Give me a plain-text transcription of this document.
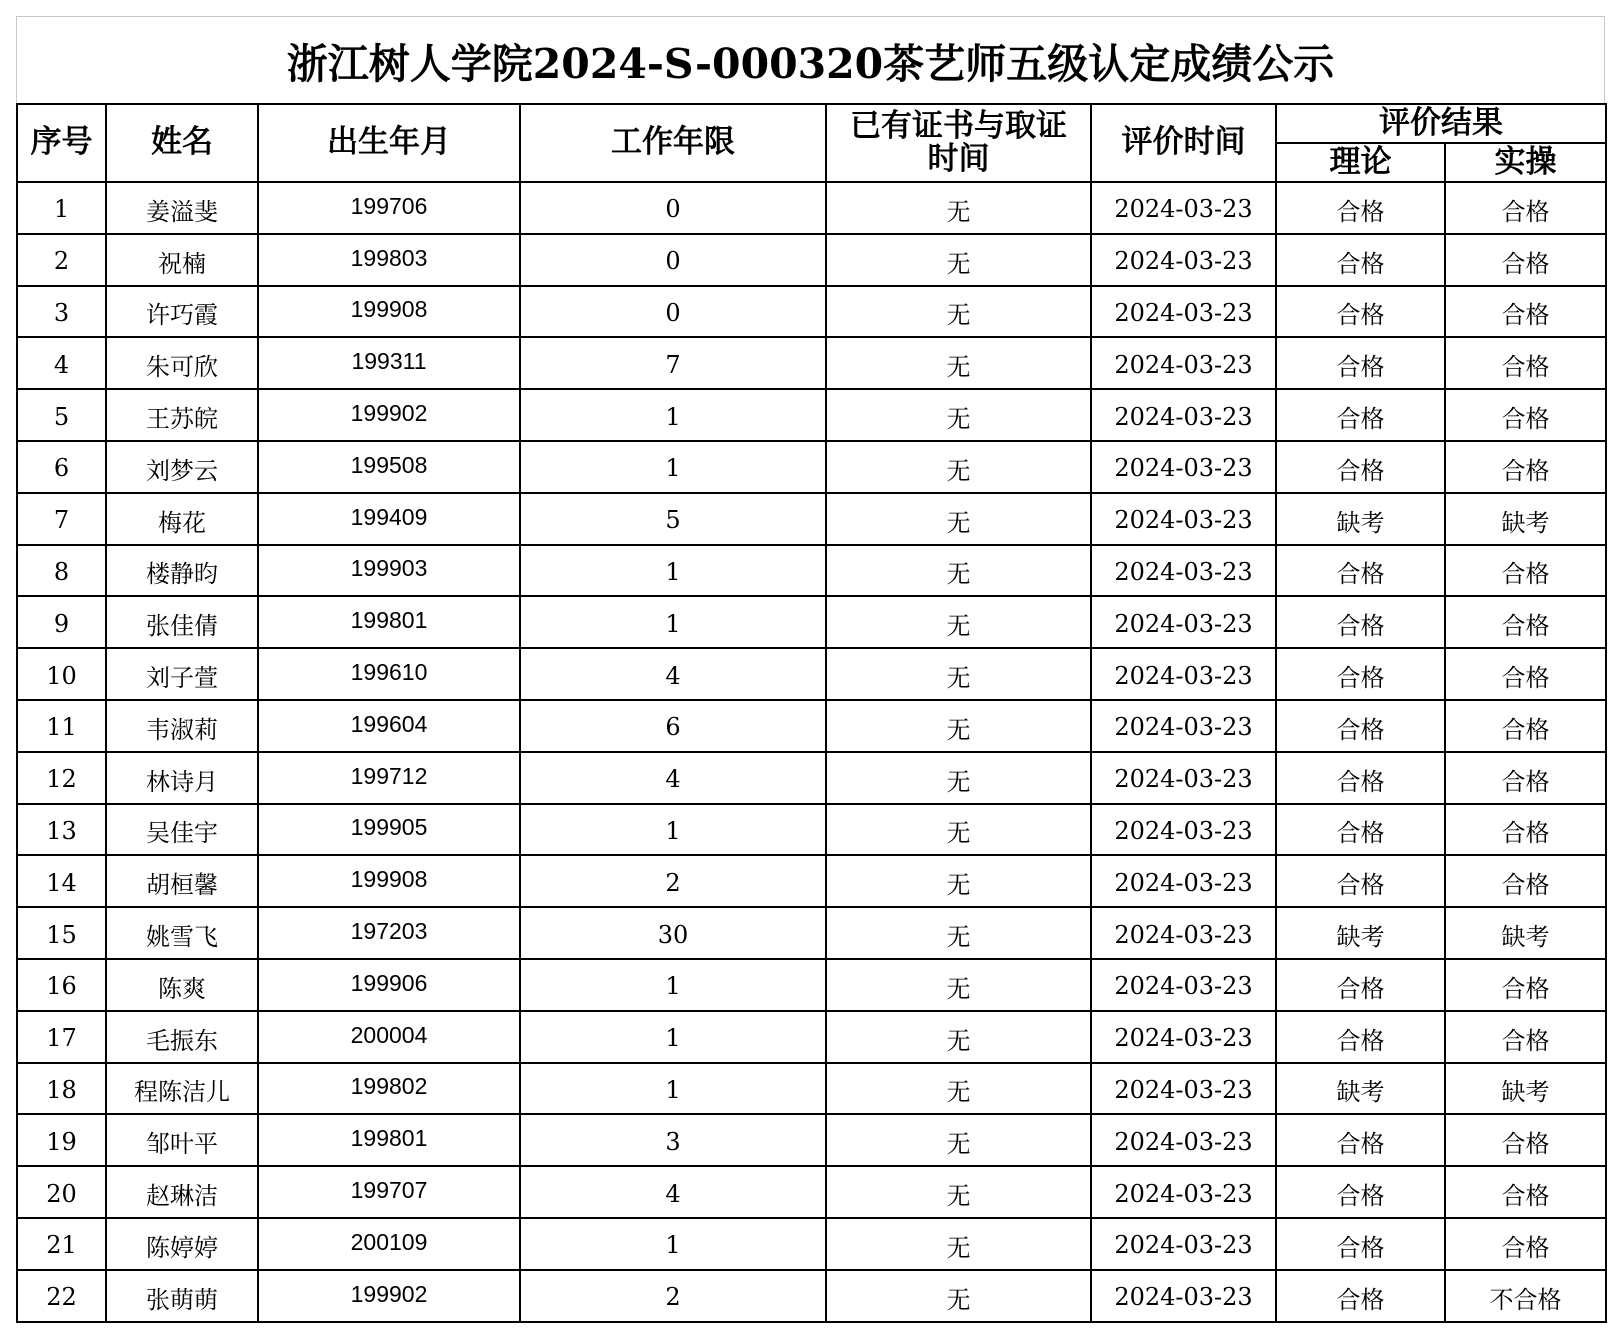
浙江树人学院2024-S-000320茶艺师五级认定成绩公示
序号	姓名	出生年月	工作年限	已有证书与取证时间	评价时间	评价结果	
						理论	实操
1	姜溢斐	199706	0	无	2024-03-23	合格	合格
2	祝楠	199803	0	无	2024-03-23	合格	合格
3	许巧霞	199908	0	无	2024-03-23	合格	合格
4	朱可欣	199311	7	无	2024-03-23	合格	合格
5	王苏皖	199902	1	无	2024-03-23	合格	合格
6	刘梦云	199508	1	无	2024-03-23	合格	合格
7	梅花	199409	5	无	2024-03-23	缺考	缺考
8	楼静昀	199903	1	无	2024-03-23	合格	合格
9	张佳倩	199801	1	无	2024-03-23	合格	合格
10	刘子萱	199610	4	无	2024-03-23	合格	合格
11	韦淑莉	199604	6	无	2024-03-23	合格	合格
12	林诗月	199712	4	无	2024-03-23	合格	合格
13	吴佳宇	199905	1	无	2024-03-23	合格	合格
14	胡桓馨	199908	2	无	2024-03-23	合格	合格
15	姚雪飞	197203	30	无	2024-03-23	缺考	缺考
16	陈爽	199906	1	无	2024-03-23	合格	合格
17	毛振东	200004	1	无	2024-03-23	合格	合格
18	程陈洁儿	199802	1	无	2024-03-23	缺考	缺考
19	邹叶平	199801	3	无	2024-03-23	合格	合格
20	赵琳洁	199707	4	无	2024-03-23	合格	合格
21	陈婷婷	200109	1	无	2024-03-23	合格	合格
22	张萌萌	199902	2	无	2024-03-23	合格	不合格
